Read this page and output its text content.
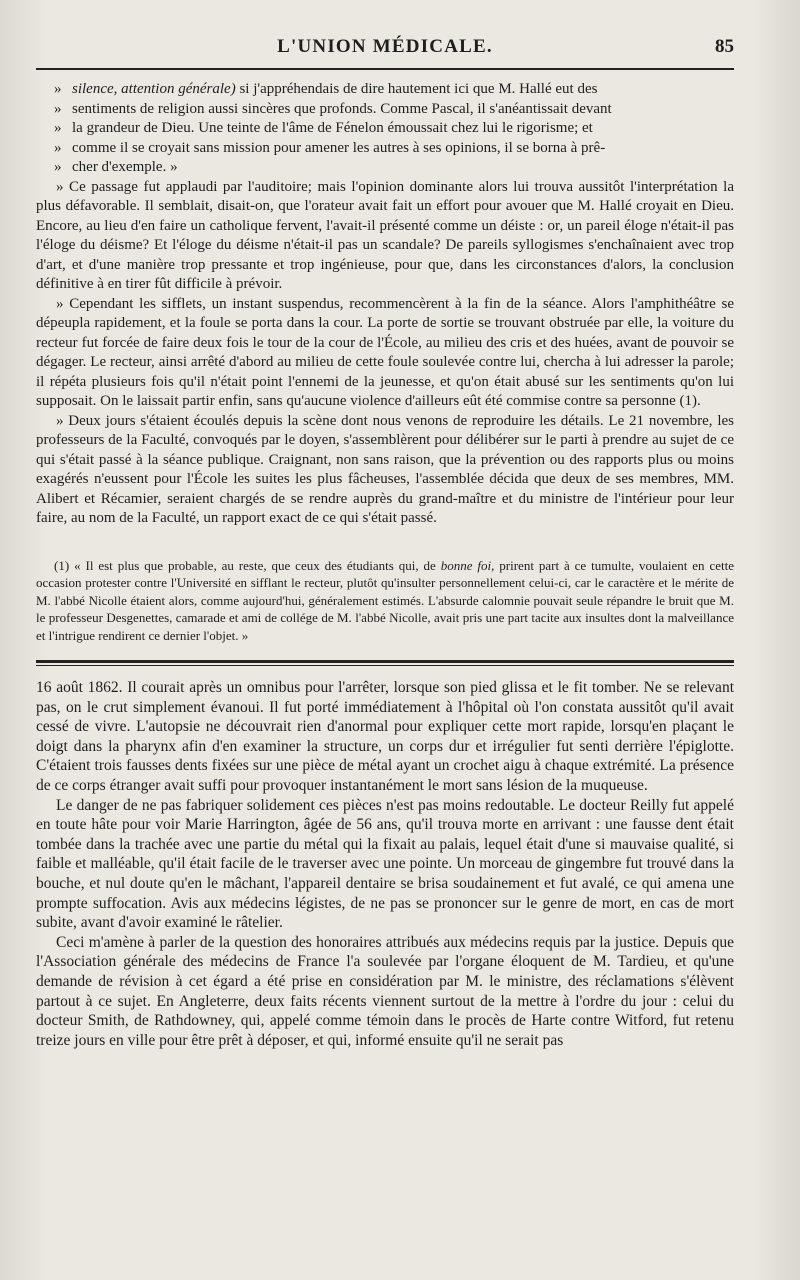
L'UNION MÉDICALE.	85

» silence, attention générale) si j'appréhendais de dire hautement ici que M. Hallé eut des

» sentiments de religion aussi sincères que profonds. Comme Pascal, il s'anéantissait devant

» la grandeur de Dieu. Une teinte de l'âme de Fénelon émoussait chez lui le rigorisme; et

» comme il se croyait sans mission pour amener les autres à ses opinions, il se borna à prê-

» cher d'exemple. »

» Ce passage fut applaudi par l'auditoire; mais l'opinion dominante alors lui trouva aussitôt l'interprétation la plus défavorable. Il semblait, disait-on, que l'orateur avait fait un effort pour avouer que M. Hallé croyait en Dieu. Encore, au lieu d'en faire un catholique fervent, l'avait-il présenté comme un déiste : or, un pareil éloge n'était-il pas l'éloge du déisme? Et l'éloge du déisme n'était-il pas un scandale? De pareils syllogismes s'enchaînaient avec trop d'art, et d'une manière trop pressante et trop ingénieuse, pour que, dans les circonstances d'alors, la conclusion définitive à en tirer fût difficile à prévoir.

» Cependant les sifflets, un instant suspendus, recommencèrent à la fin de la séance. Alors l'amphithéâtre se dépeupla rapidement, et la foule se porta dans la cour. La porte de sortie se trouvant obstruée par elle, la voiture du recteur fut forcée de faire deux fois le tour de la cour de l'École, au milieu des cris et des huées, avant de pouvoir se dégager. Le recteur, ainsi arrêté d'abord au milieu de cette foule soulevée contre lui, chercha à lui adresser la parole; il répéta plusieurs fois qu'il n'était point l'ennemi de la jeunesse, et qu'on était abusé sur les sentiments qu'on lui supposait. On le laissait partir enfin, sans qu'aucune violence d'ailleurs eût été commise contre sa personne (1).

» Deux jours s'étaient écoulés depuis la scène dont nous venons de reproduire les détails. Le 21 novembre, les professeurs de la Faculté, convoqués par le doyen, s'assemblèrent pour délibérer sur le parti à prendre au sujet de ce qui s'était passé à la séance publique. Craignant, non sans raison, que la prévention ou des rapports plus ou moins exagérés n'eussent pour l'École les suites les plus fâcheuses, l'assemblée décida que deux de ses membres, MM. Alibert et Récamier, seraient chargés de se rendre auprès du grand-maître et du ministre de l'intérieur pour leur faire, au nom de la Faculté, un rapport exact de ce qui s'était passé.

(1) « Il est plus que probable, au reste, que ceux des étudiants qui, de bonne foi, prirent part à ce tumulte, voulaient en cette occasion protester contre l'Université en sifflant le recteur, plutôt qu'insulter personnellement celui-ci, car le caractère et le mérite de M. l'abbé Nicolle étaient alors, comme aujourd'hui, généralement estimés. L'absurde calomnie pouvait seule répandre le bruit que M. le professeur Desgenettes, camarade et ami de collége de M. l'abbé Nicolle, avait pris une part tacite aux insultes dont la malveillance et l'intrigue rendirent ce dernier l'objet. »

16 août 1862. Il courait après un omnibus pour l'arrêter, lorsque son pied glissa et le fit tomber. Ne se relevant pas, on le crut simplement évanoui. Il fut porté immédiatement à l'hôpital où l'on constata aussitôt qu'il avait cessé de vivre. L'autopsie ne découvrait rien d'anormal pour expliquer cette mort rapide, lorsqu'en plaçant le doigt dans la pharynx afin d'en examiner la structure, un corps dur et irrégulier fut senti derrière l'épiglotte. C'étaient trois fausses dents fixées sur une pièce de métal ayant un crochet aigu à chaque extrémité. La présence de ce corps étranger avait suffi pour provoquer instantanément le mort sans lésion de la muqueuse.

Le danger de ne pas fabriquer solidement ces pièces n'est pas moins redoutable. Le docteur Reilly fut appelé en toute hâte pour voir Marie Harrington, âgée de 56 ans, qu'il trouva morte en arrivant : une fausse dent était tombée dans la trachée avec une partie du métal qui la fixait au palais, lequel était d'une si mauvaise qualité, si faible et malléable, qu'il était facile de le traverser avec une pointe. Un morceau de gingembre fut trouvé dans la bouche, et nul doute qu'en le mâchant, l'appareil dentaire se brisa soudainement et fut avalé, ce qui amena une prompte suffocation. Avis aux médecins légistes, de ne pas se prononcer sur le genre de mort, en cas de mort subite, avant d'avoir examiné le râtelier.

Ceci m'amène à parler de la question des honoraires attribués aux médecins requis par la justice. Depuis que l'Association générale des médecins de France l'a soulevée par l'organe éloquent de M. Tardieu, et qu'une demande de révision à cet égard a été prise en considération par M. le ministre, des réclamations s'élèvent partout à ce sujet. En Angleterre, deux faits récents viennent surtout de la mettre à l'ordre du jour : celui du docteur Smith, de Rathdowney, qui, appelé comme témoin dans le procès de Harte contre Witford, fut retenu treize jours en ville pour être prêt à déposer, et qui, informé ensuite qu'il ne serait pas
